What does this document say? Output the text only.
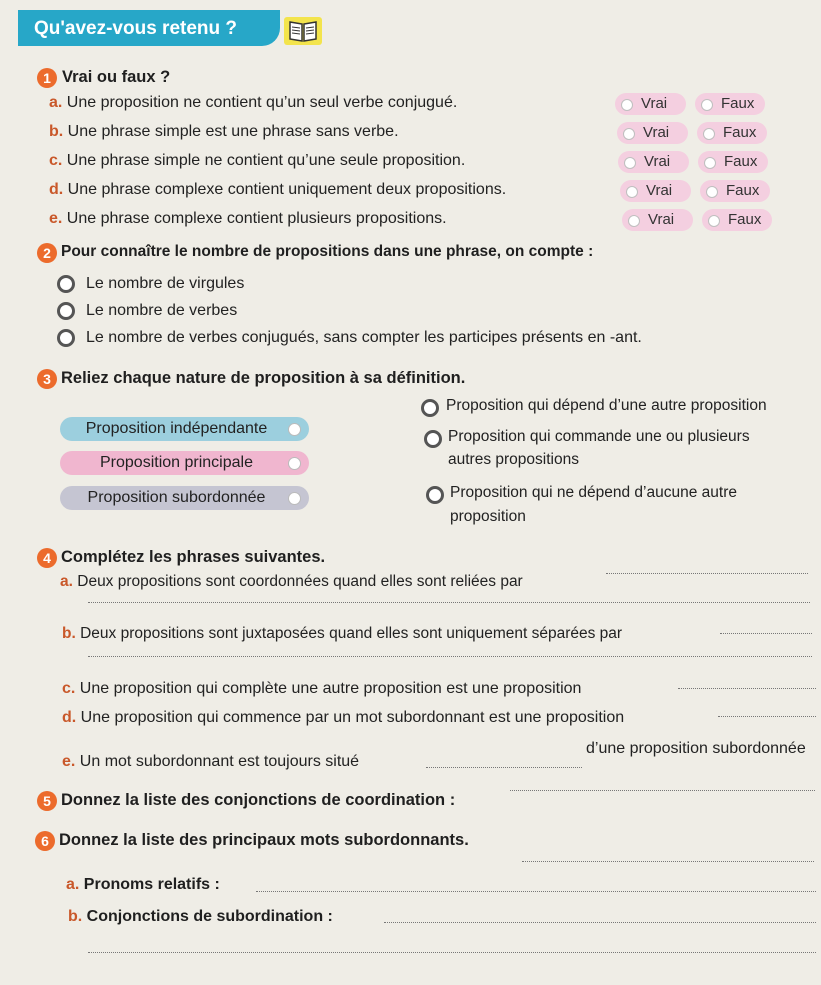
Qu'avez-vous retenu ?
1 Vrai ou faux ?
a. Une proposition ne contient qu’un seul verbe conjugué.	Vrai	Faux
b. Une phrase simple est une phrase sans verbe.	Vrai	Faux
c. Une phrase simple ne contient qu’une seule proposition.	Vrai	Faux
d. Une phrase complexe contient uniquement deux propositions.	Vrai	Faux
e. Une phrase complexe contient plusieurs propositions.	Vrai	Faux
2 Pour connaître le nombre de propositions dans une phrase, on compte :
Le nombre de virgules
Le nombre de verbes
Le nombre de verbes conjugués, sans compter les participes présents en -ant.
3 Reliez chaque nature de proposition à sa définition.
Proposition indépendante
Proposition principale
Proposition subordonnée
Proposition qui dépend d’une autre proposition
Proposition qui commande une ou plusieurs
autres propositions
Proposition qui ne dépend d’aucune autre
proposition
4 Complétez les phrases suivantes.
a. Deux propositions sont coordonnées quand elles sont reliées par
b. Deux propositions sont juxtaposées quand elles sont uniquement séparées par
c. Une proposition qui complète une autre proposition est une proposition
d. Une proposition qui commence par un mot subordonnant est une proposition
e. Un mot subordonnant est toujours situé
d’une proposition subordonnée
5 Donnez la liste des conjonctions de coordination :
6 Donnez la liste des principaux mots subordonnants.
a. Pronoms relatifs :
b. Conjonctions de subordination :
